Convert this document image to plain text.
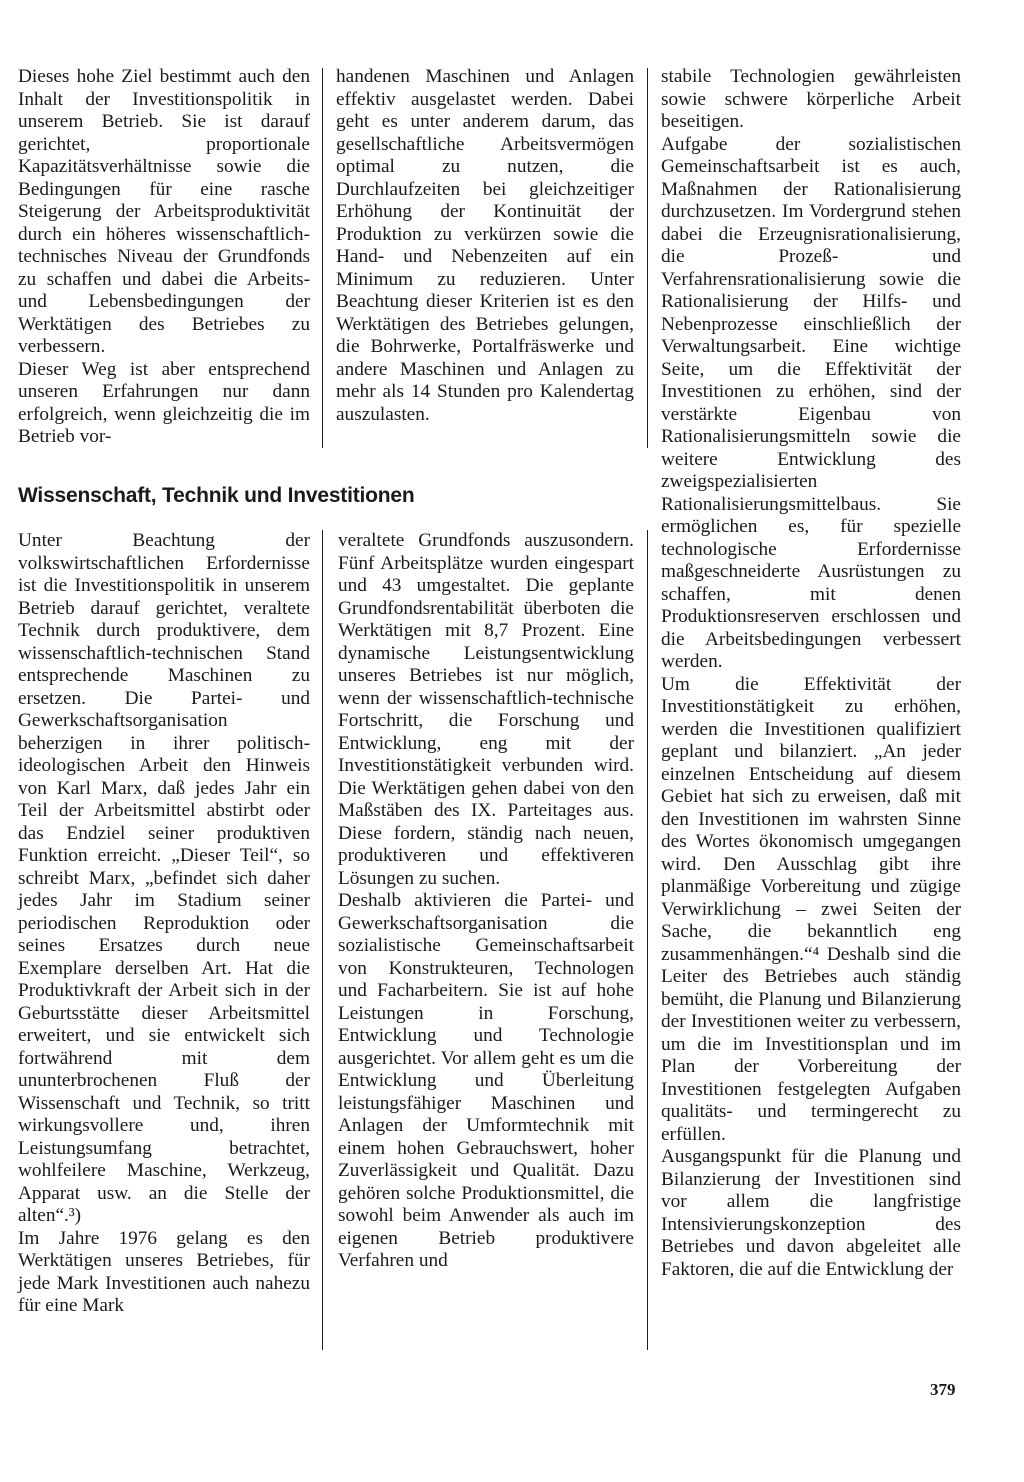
Dieses hohe Ziel bestimmt auch den Inhalt der Investitionspolitik in unserem Betrieb. Sie ist darauf gerichtet, proportionale Kapazitätsverhältnisse sowie die Bedingungen für eine rasche Steigerung der Arbeitsproduktivität durch ein höheres wissenschaftlich-technisches Niveau der Grundfonds zu schaffen und dabei die Arbeits- und Lebensbedingungen der Werktätigen des Betriebes zu verbessern.

Dieser Weg ist aber entsprechend unseren Erfahrungen nur dann erfolgreich, wenn gleichzeitig die im Betrieb vor-

handenen Maschinen und Anlagen effektiv ausgelastet werden. Dabei geht es unter anderem darum, das gesellschaftliche Arbeitsvermögen optimal zu nutzen, die Durchlaufzeiten bei gleichzeitiger Erhöhung der Kontinuität der Produktion zu verkürzen sowie die Hand- und Nebenzeiten auf ein Minimum zu reduzieren. Unter Beachtung dieser Kriterien ist es den Werktätigen des Betriebes gelungen, die Bohrwerke, Portalfräswerke und andere Maschinen und Anlagen zu mehr als 14 Stunden pro Kalendertag auszulasten.

stabile Technologien gewährleisten sowie schwere körperliche Arbeit beseitigen.

Aufgabe der sozialistischen Gemeinschaftsarbeit ist es auch, Maßnahmen der Rationalisierung durchzusetzen. Im Vordergrund stehen dabei die Erzeugnisrationalisierung, die Prozeß- und Verfahrensrationalisierung sowie die Rationalisierung der Hilfs- und Nebenprozesse einschließlich der Verwaltungsarbeit. Eine wichtige Seite, um die Effektivität der Investitionen zu erhöhen, sind der verstärkte Eigenbau von Rationalisierungsmitteln sowie die weitere Entwicklung des zweigspezialisierten Rationalisierungsmittelbaus. Sie ermöglichen es, für spezielle technologische Erfordernisse maßgeschneiderte Ausrüstungen zu schaffen, mit denen Produktionsreserven erschlossen und die Arbeitsbedingungen verbessert werden.

Um die Effektivität der Investitionstätigkeit zu erhöhen, werden die Investitionen qualifiziert geplant und bilanziert. „An jeder einzelnen Entscheidung auf diesem Gebiet hat sich zu erweisen, daß mit den Investitionen im wahrsten Sinne des Wortes ökonomisch umgegangen wird. Den Ausschlag gibt ihre planmäßige Vorbereitung und zügige Verwirklichung – zwei Seiten der Sache, die bekanntlich eng zusammenhängen.“⁴ Deshalb sind die Leiter des Betriebes auch ständig bemüht, die Planung und Bilanzierung der Investitionen weiter zu verbessern, um die im Investitionsplan und im Plan der Vorbereitung der Investitionen festgelegten Aufgaben qualitäts- und termingerecht zu erfüllen.

Ausgangspunkt für die Planung und Bilanzierung der Investitionen sind vor allem die langfristige Intensivierungskonzeption des Betriebes und davon abgeleitet alle Faktoren, die auf die Entwicklung der

Wissenschaft, Technik und Investitionen

Unter Beachtung der volkswirtschaftlichen Erfordernisse ist die Investitionspolitik in unserem Betrieb darauf gerichtet, veraltete Technik durch produktivere, dem wissenschaftlich-technischen Stand entsprechende Maschinen zu ersetzen. Die Partei- und Gewerkschaftsorganisation beherzigen in ihrer politisch-ideologischen Arbeit den Hinweis von Karl Marx, daß jedes Jahr ein Teil der Arbeitsmittel abstirbt oder das Endziel seiner produktiven Funktion erreicht. „Dieser Teil“, so schreibt Marx, „befindet sich daher jedes Jahr im Stadium seiner periodischen Reproduktion oder seines Ersatzes durch neue Exemplare derselben Art. Hat die Produktivkraft der Arbeit sich in der Geburtsstätte dieser Arbeitsmittel erweitert, und sie entwickelt sich fortwährend mit dem ununterbrochenen Fluß der Wissenschaft und Technik, so tritt wirkungsvollere und, ihren Leistungsumfang betrachtet, wohlfeilere Maschine, Werkzeug, Apparat usw. an die Stelle der alten“.³)

Im Jahre 1976 gelang es den Werktätigen unseres Betriebes, für jede Mark Investitionen auch nahezu für eine Mark

veraltete Grundfonds auszusondern. Fünf Arbeitsplätze wurden eingespart und 43 umgestaltet. Die geplante Grundfondsrentabilität überboten die Werktätigen mit 8,7 Prozent. Eine dynamische Leistungsentwicklung unseres Betriebes ist nur möglich, wenn der wissenschaftlich-technische Fortschritt, die Forschung und Entwicklung, eng mit der Investitionstätigkeit verbunden wird. Die Werktätigen gehen dabei von den Maßstäben des IX. Parteitages aus. Diese fordern, ständig nach neuen, produktiveren und effektiveren Lösungen zu suchen.

Deshalb aktivieren die Partei- und Gewerkschaftsorganisation die sozialistische Gemeinschaftsarbeit von Konstrukteuren, Technologen und Facharbeitern. Sie ist auf hohe Leistungen in Forschung, Entwicklung und Technologie ausgerichtet. Vor allem geht es um die Entwicklung und Überleitung leistungsfähiger Maschinen und Anlagen der Umformtechnik mit einem hohen Gebrauchswert, hoher Zuverlässigkeit und Qualität. Dazu gehören solche Produktionsmittel, die sowohl beim Anwender als auch im eigenen Betrieb produktivere Verfahren und

379
